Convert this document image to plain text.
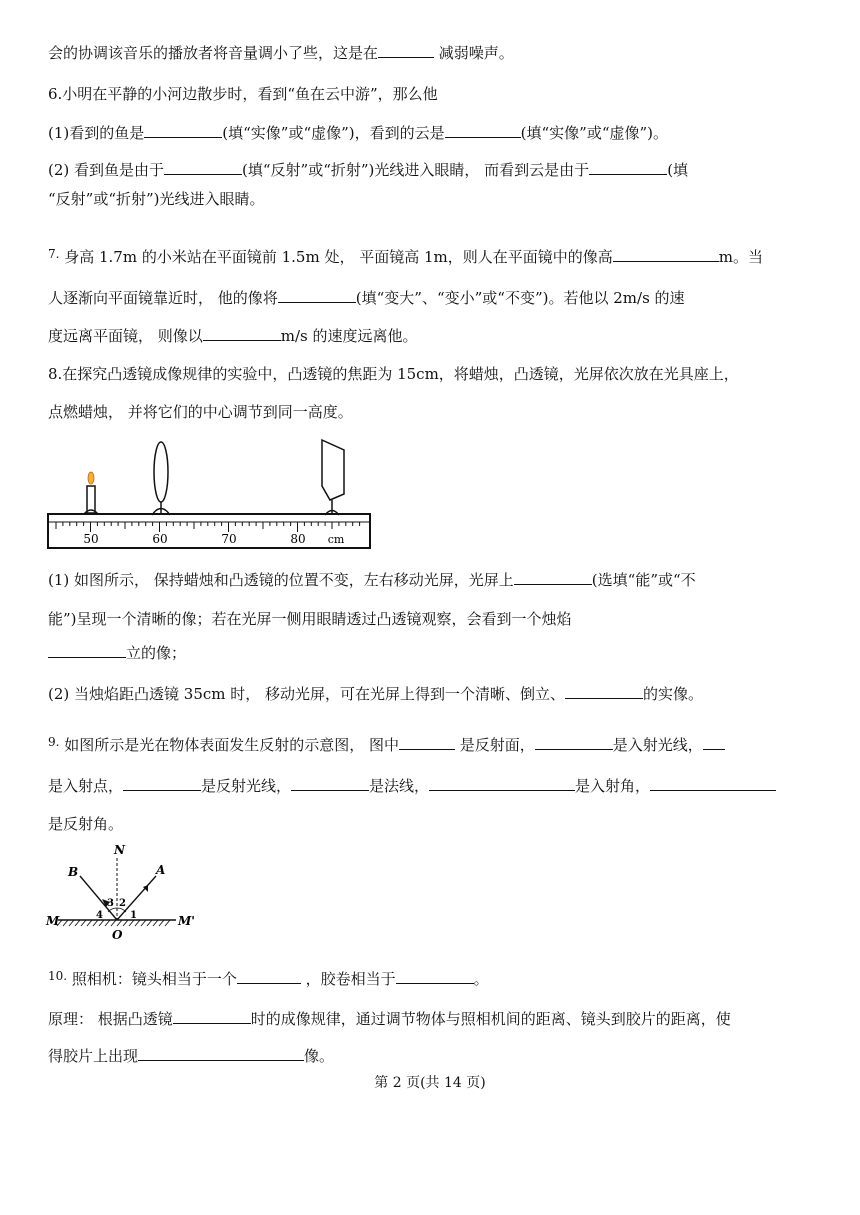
会的协调该音乐的播放者将音量调小了些，这是在	减弱噪声。
6.小明在平静的小河边散步时，看到“鱼在云中游”，那么他
(1)看到的鱼是	(填“实像”或“虚像”)，看到的云是	(填“实像”或“虚像”)。
(2) 看到鱼是由于	(填“反射”或“折射”)光线进入眼睛， 而看到云是由于	(填
“反射”或“折射”)光线进入眼睛。
$^{7.}$ 身高 1.7m 的小米站在平面镜前 1.5m 处， 平面镜高 1m，则人在平面镜中的像高	m。当
人逐渐向平面镜靠近时， 他的像将	(填“变大”、“变小”或“不变”)。若他以 2m/s 的速
度远离平面镜， 则像以	m/s 的速度远离他。
8.在探究凸透镜成像规律的实验中，凸透镜的焦距为 15cm，将蜡烛，凸透镜，光屏依次放在光具座上，
点燃蜡烛， 并将它们的中心调节到同一高度。
50	60	70	80 cm
(1) 如图所示， 保持蜡烛和凸透镜的位置不变，左右移动光屏，光屏上	(选填“能”或“不
能”)呈现一个清晰的像；若在光屏一侧用眼睛透过凸透镜观察，会看到一个烛焰
立的像；
(2) 当烛焰距凸透镜 35cm 时， 移动光屏，可在光屏上得到一个清晰、倒立、	的实像。
$^{9.}$ 如图所示是光在物体表面发生反射的示意图， 图中	是反射面，	是入射光线，
是入射点，	是反射光线，	是法线，	是入射角，
是反射角。
N
B	A
M	M'
O
3 2
4	1
$^{10.}$ 照相机：镜头相当于一个	，胶卷相当于	。
原理： 根据凸透镜	时的成像规律，通过调节物体与照相机间的距离、镜头到胶片的距离，使
得胶片上出现	像。
第 2 页(共 14 页)
